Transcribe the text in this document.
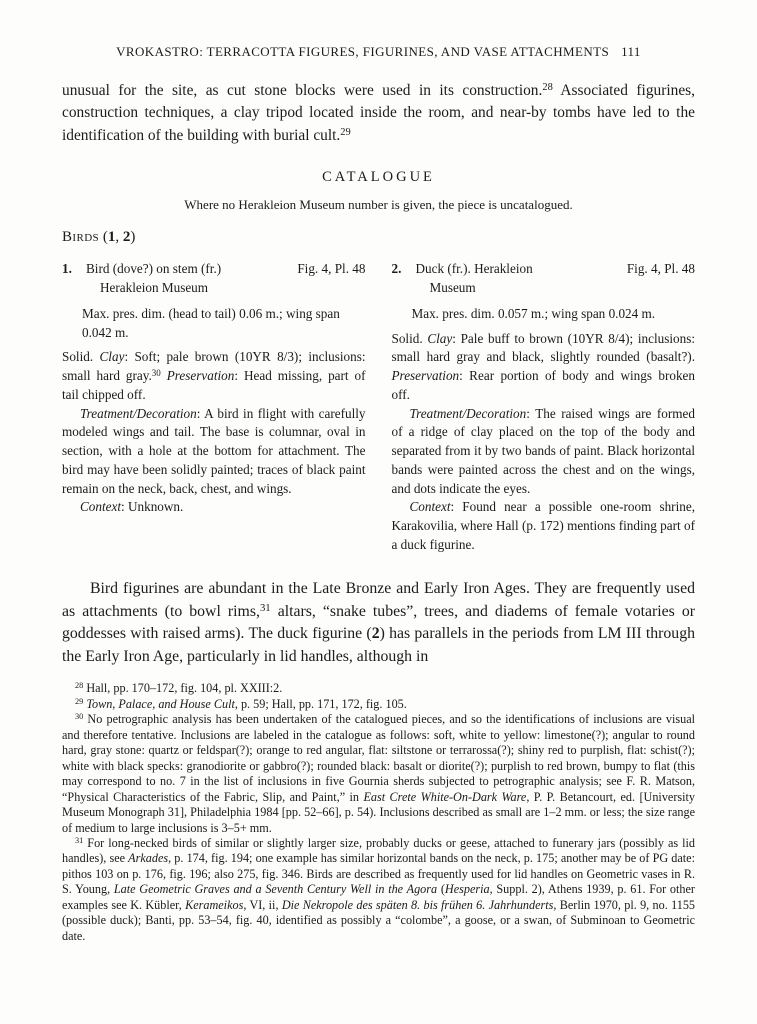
VROKASTRO: TERRACOTTA FIGURES, FIGURINES, AND VASE ATTACHMENTS 111
unusual for the site, as cut stone blocks were used in its construction.$^{28}$ Associated figurines, construction techniques, a clay tripod located inside the room, and near-by tombs have led to the identification of the building with burial cult.$^{29}$
CATALOGUE
Where no Herakleion Museum number is given, the piece is uncatalogued.
Birds (1, 2)
1.	Bird (dove?) on stem (fr.)	Fig. 4, Pl. 48
Herakleion Museum
Max. pres. dim. (head to tail) 0.06 m.; wing span 0.042 m.
Solid. Clay: Soft; pale brown (10YR 8/3); inclusions: small hard gray.$^{30}$ Preservation: Head missing, part of tail chipped off.
Treatment/Decoration: A bird in flight with carefully modeled wings and tail. The base is columnar, oval in section, with a hole at the bottom for attachment. The bird may have been solidly painted; traces of black paint remain on the neck, back, chest, and wings.
Context: Unknown.
2.	Duck (fr.). Herakleion	Fig. 4, Pl. 48
Museum
Max. pres. dim. 0.057 m.; wing span 0.024 m.
Solid. Clay: Pale buff to brown (10YR 8/4); inclusions: small hard gray and black, slightly rounded (basalt?). Preservation: Rear portion of body and wings broken off.
Treatment/Decoration: The raised wings are formed of a ridge of clay placed on the top of the body and separated from it by two bands of paint. Black horizontal bands were painted across the chest and on the wings, and dots indicate the eyes.
Context: Found near a possible one-room shrine, Karakovilia, where Hall (p. 172) mentions finding part of a duck figurine.
Bird figurines are abundant in the Late Bronze and Early Iron Ages. They are frequently used as attachments (to bowl rims,$^{31}$ altars, “snake tubes”, trees, and diadems of female votaries or goddesses with raised arms). The duck figurine (2) has parallels in the periods from LM III through the Early Iron Age, particularly in lid handles, although in
$^{28}$ Hall, pp. 170–172, fig. 104, pl. XXIII:2.
$^{29}$ Town, Palace, and House Cult, p. 59; Hall, pp. 171, 172, fig. 105.
$^{30}$ No petrographic analysis has been undertaken of the catalogued pieces, and so the identifications of inclusions are visual and therefore tentative. Inclusions are labeled in the catalogue as follows: soft, white to yellow: limestone(?); angular to round hard, gray stone: quartz or feldspar(?); orange to red angular, flat: siltstone or terrarossa(?); shiny red to purplish, flat: schist(?); white with black specks: granodiorite or gabbro(?); rounded black: basalt or diorite(?); purplish to red brown, bumpy to flat (this may correspond to no. 7 in the list of inclusions in five Gournia sherds subjected to petrographic analysis; see F. R. Matson, “Physical Characteristics of the Fabric, Slip, and Paint,” in East Crete White-On-Dark Ware, P. P. Betancourt, ed. [University Museum Monograph 31], Philadelphia 1984 [pp. 52–66], p. 54). Inclusions described as small are 1–2 mm. or less; the size range of medium to large inclusions is 3–5+ mm.
$^{31}$ For long-necked birds of similar or slightly larger size, probably ducks or geese, attached to funerary jars (possibly as lid handles), see Arkades, p. 174, fig. 194; one example has similar horizontal bands on the neck, p. 175; another may be of PG date: pithos 103 on p. 176, fig. 196; also 275, fig. 346. Birds are described as frequently used for lid handles on Geometric vases in R. S. Young, Late Geometric Graves and a Seventh Century Well in the Agora (Hesperia, Suppl. 2), Athens 1939, p. 61. For other examples see K. Kübler, Kerameikos, VI, ii, Die Nekropole des späten 8. bis frühen 6. Jahrhunderts, Berlin 1970, pl. 9, no. 1155 (possible duck); Banti, pp. 53–54, fig. 40, identified as possibly a “colombe”, a goose, or a swan, of Subminoan to Geometric date.
